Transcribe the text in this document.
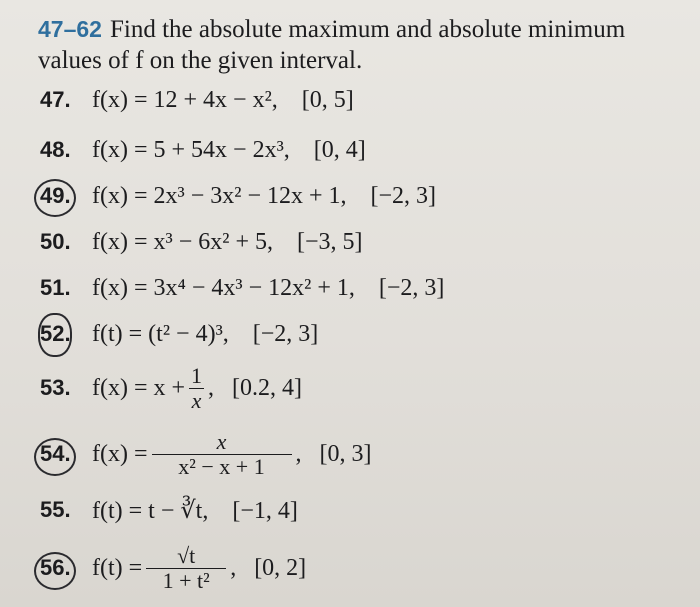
47–62 Find the absolute maximum and absolute minimum
values of f on the given interval.
47. f(x) = 12 + 4x − x², [0, 5]
48. f(x) = 5 + 54x − 2x³, [0, 4]
49. f(x) = 2x³ − 3x² − 12x + 1, [−2, 3]
50. f(x) = x³ − 6x² + 5, [−3, 5]
51. f(x) = 3x⁴ − 4x³ − 12x² + 1, [−2, 3]
52. f(t) = (t² − 4)³, [−2, 3]
53. $f(x) = x + \frac{1}{x}$ , [0.2, 4]
54. $f(x) = \frac{x}{\text{x² − x + 1}}$ , [0, 3]
55. f(t) = t − ∛t, [−1, 4]
56. $f(t) = \frac{√t}{\text{1 + t²}}$ , [0, 2]
